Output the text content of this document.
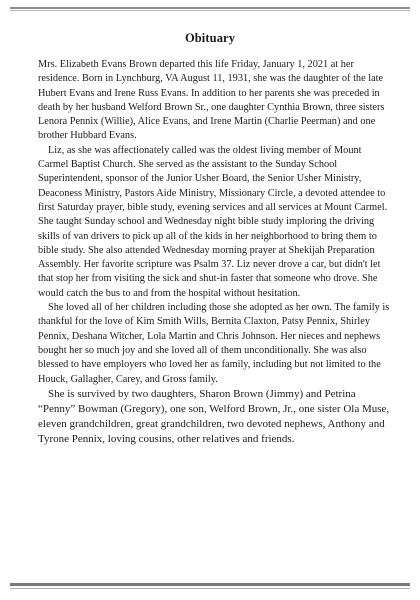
Obituary

Mrs. Elizabeth Evans Brown departed this life Friday, January 1, 2021 at her residence. Born in Lynchburg, VA August 11, 1931, she was the daughter of the late Hubert Evans and Irene Russ Evans. In addition to her parents she was preceded in death by her husband Welford Brown Sr., one daughter Cynthia Brown, three sisters Lenora Pennix (Willie), Alice Evans, and Irene Martin (Charlie Peerman) and one brother Hubbard Evans.

Liz, as she was affectionately called was the oldest living member of Mount Carmel Baptist Church. She served as the assistant to the Sunday School Superintendent, sponsor of the Junior Usher Board, the Senior Usher Ministry, Deaconess Ministry, Pastors Aide Ministry, Missionary Circle, a devoted attendee to first Saturday prayer, bible study, evening services and all services at Mount Carmel. She taught Sunday school and Wednesday night bible study imploring the driving skills of van drivers to pick up all of the kids in her neighborhood to bring them to bible study. She also attended Wednesday morning prayer at Shekijah Preparation Assembly. Her favorite scripture was Psalm 37. Liz never drove a car, but didn't let that stop her from visiting the sick and shut-in faster that someone who drove. She would catch the bus to and from the hospital without hesitation.

She loved all of her children including those she adopted as her own. The family is thankful for the love of Kim Smith Wills, Bernita Claxton, Patsy Pennix, Shirley Pennix, Deshana Witcher, Lola Martin and Chris Johnson. Her nieces and nephews bought her so much joy and she loved all of them unconditionally. She was also blessed to have employers who loved her as family, including but not limited to the Houck, Gallagher, Carey, and Gross family.

She is survived by two daughters, Sharon Brown (Jimmy) and Petrina “Penny” Bowman (Gregory), one son, Welford Brown, Jr., one sister Ola Muse, eleven grandchildren, great grandchildren, two devoted nephews, Anthony and Tyrone Pennix, loving cousins, other relatives and friends.
